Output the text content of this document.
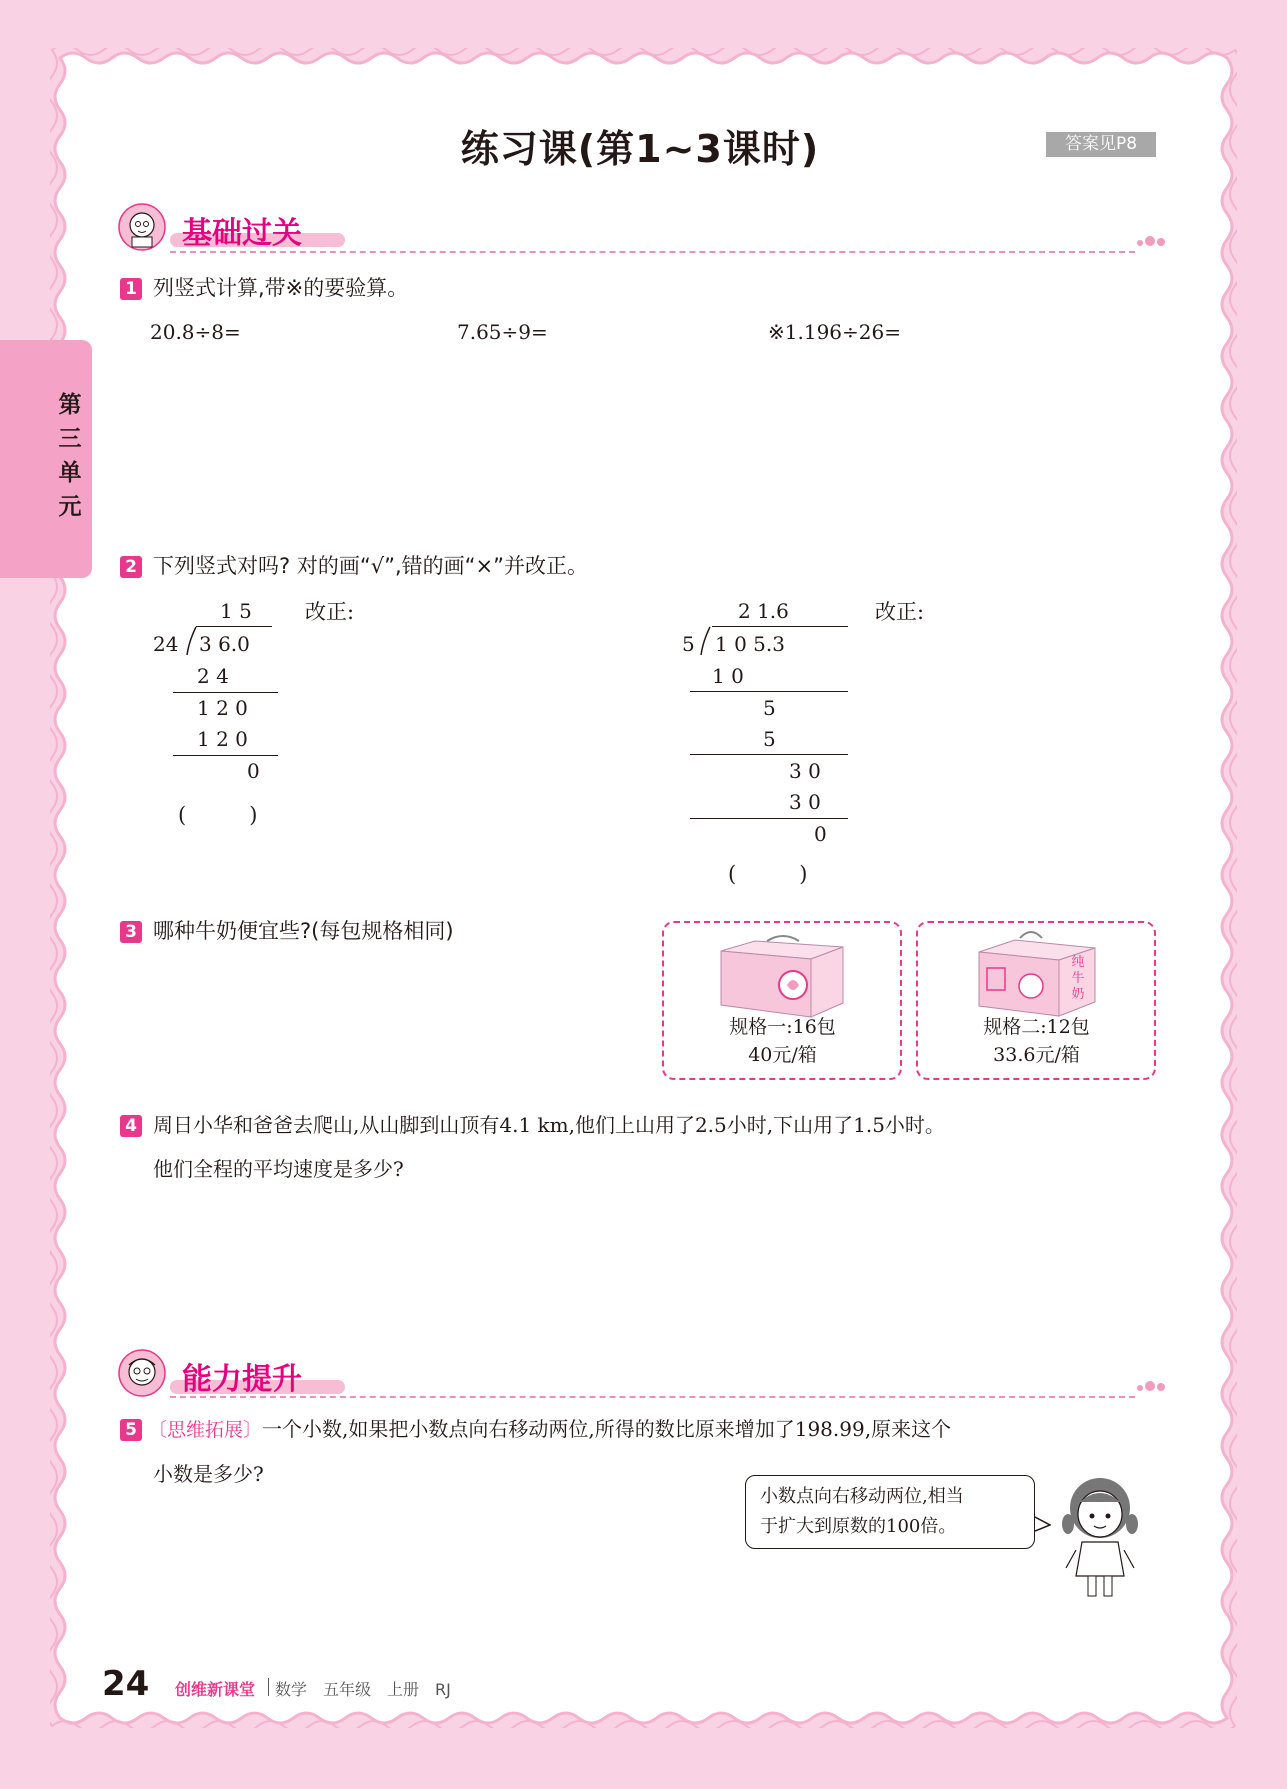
第三单元
练习课(第1~3课时)	答案见P8
基础过关
1 列竖式计算,带※的要验算。
20.8÷8=	7.65÷9=	※1.196÷26=
2 下列竖式对吗? 对的画“√”,错的画“×”并改正。
1 5
24 3 6.0
2 4
1 2 0
1 2 0
0
改正:
(　　　)
2 1.6
5 1 0 5.3
1 0
5
5
3 0
3 0
0
改正:
(　　　)
3 哪种牛奶便宜些?(每包规格相同)
规格一:16包
40元/箱
纯牛奶
规格二:12包
33.6元/箱
4 周日小华和爸爸去爬山,从山脚到山顶有4.1 km,他们上山用了2.5小时,下山用了1.5小时。
他们全程的平均速度是多少?
能力提升
5 〔思维拓展〕一个小数,如果把小数点向右移动两位,所得的数比原来增加了198.99,原来这个
小数是多少?
小数点向右移动两位,相当
于扩大到原数的100倍。
24 创维新课堂 数学　五年级　上册　RJ
